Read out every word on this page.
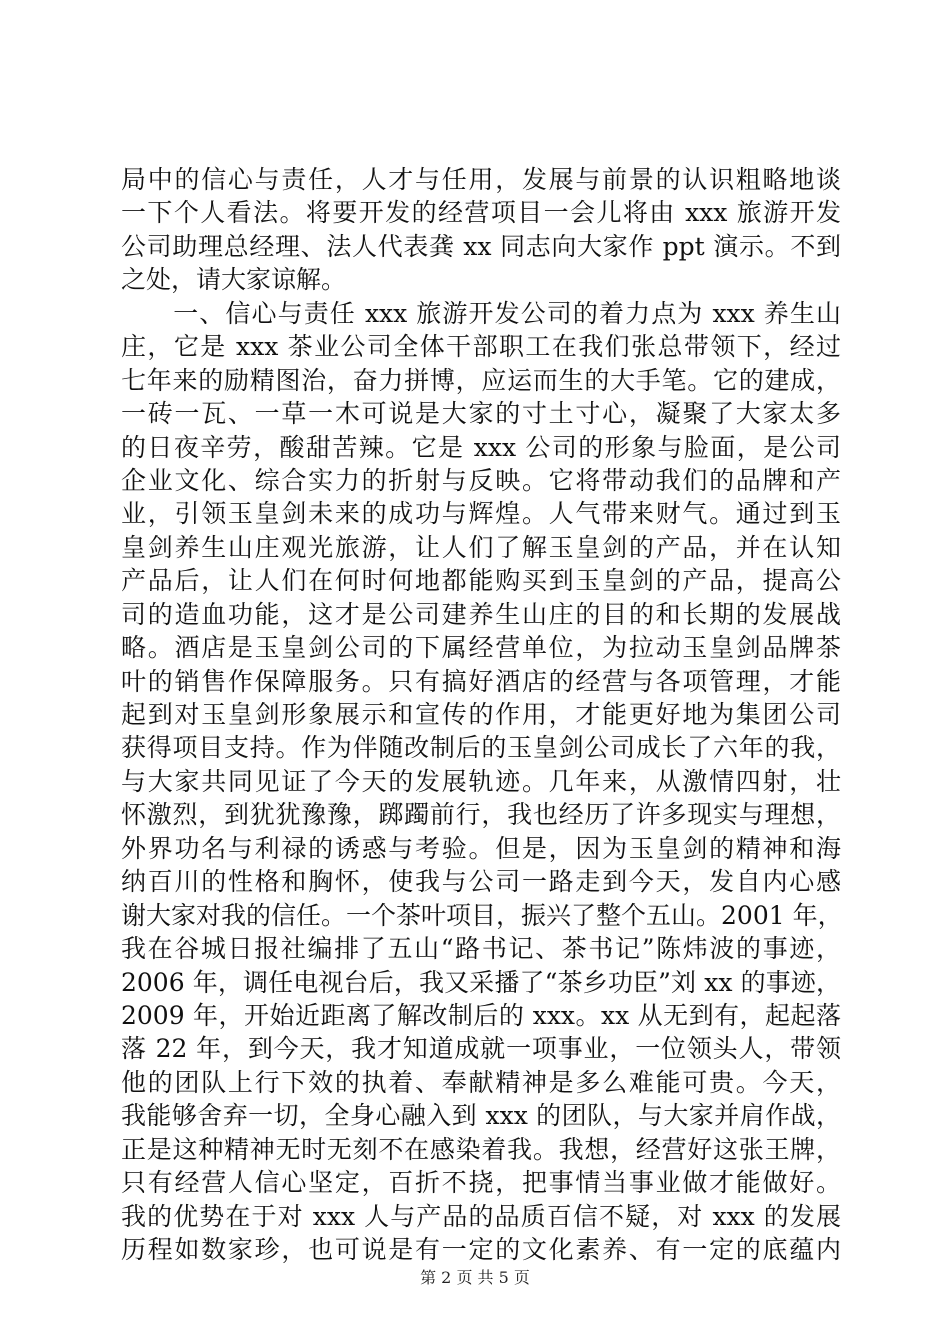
局中的信心与责任，人才与任用，发展与前景的认识粗略地谈
一下个人看法。将要开发的经营项目一会儿将由 xxx 旅游开发
公司助理总经理、法人代表龚 xx 同志向大家作 ppt 演示。不到
之处，请大家谅解。
　　一、信心与责任 xxx 旅游开发公司的着力点为 xxx 养生山
庄，它是 xxx 茶业公司全体干部职工在我们张总带领下，经过
七年来的励精图治，奋力拼博，应运而生的大手笔。它的建成，
一砖一瓦、一草一木可说是大家的寸土寸心，凝聚了大家太多
的日夜辛劳，酸甜苦辣。它是 xxx 公司的形象与脸面，是公司
企业文化、综合实力的折射与反映。它将带动我们的品牌和产
业，引领玉皇剑未来的成功与辉煌。人气带来财气。通过到玉
皇剑养生山庄观光旅游，让人们了解玉皇剑的产品，并在认知
产品后，让人们在何时何地都能购买到玉皇剑的产品，提高公
司的造血功能，这才是公司建养生山庄的目的和长期的发展战
略。酒店是玉皇剑公司的下属经营单位，为拉动玉皇剑品牌茶
叶的销售作保障服务。只有搞好酒店的经营与各项管理，才能
起到对玉皇剑形象展示和宣传的作用，才能更好地为集团公司
获得项目支持。作为伴随改制后的玉皇剑公司成长了六年的我，
与大家共同见证了今天的发展轨迹。几年来，从激情四射，壮
怀激烈，到犹犹豫豫，踯躅前行，我也经历了许多现实与理想，
外界功名与利禄的诱惑与考验。但是，因为玉皇剑的精神和海
纳百川的性格和胸怀，使我与公司一路走到今天，发自内心感
谢大家对我的信任。一个茶叶项目，振兴了整个五山。2001 年，
我在谷城日报社编排了五山“路书记、茶书记”陈炜波的事迹，
2006 年，调任电视台后，我又采播了“茶乡功臣”刘 xx 的事迹，
2009 年，开始近距离了解改制后的 xxx。xx 从无到有，起起落
落 22 年，到今天，我才知道成就一项事业，一位领头人，带领
他的团队上行下效的执着、奉献精神是多么难能可贵。今天，
我能够舍弃一切，全身心融入到 xxx 的团队，与大家并肩作战，
正是这种精神无时无刻不在感染着我。我想，经营好这张王牌，
只有经营人信心坚定，百折不挠，把事情当事业做才能做好。
我的优势在于对 xxx 人与产品的品质百信不疑，对 xxx 的发展
历程如数家珍，也可说是有一定的文化素养、有一定的底蕴内
第 2 页 共 5 页
